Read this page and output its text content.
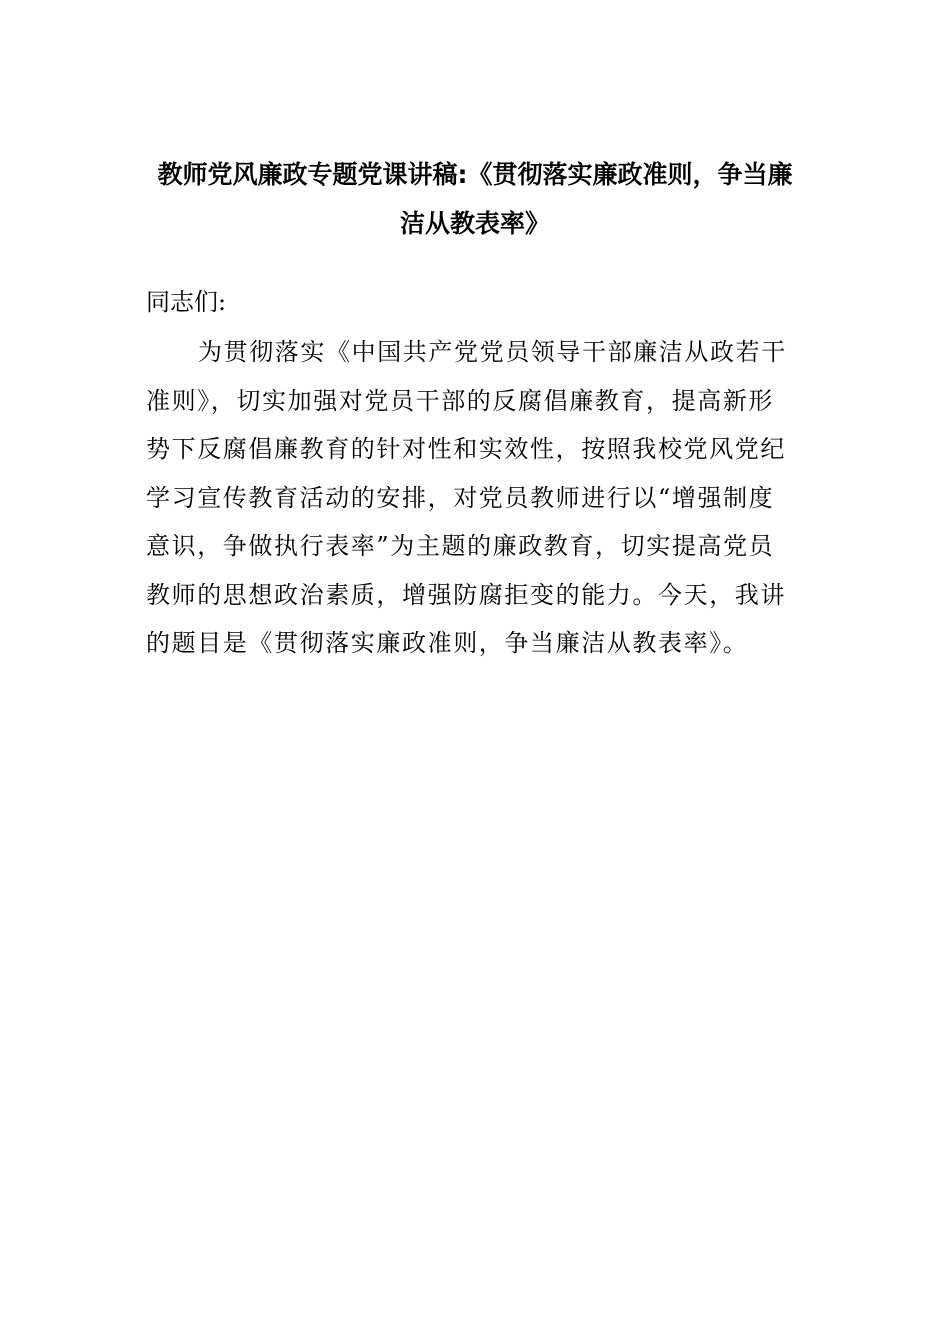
教师党风廉政专题党课讲稿:《贯彻落实廉政准则，争当廉
洁从教表率》

同志们:

为贯彻落实《中国共产党党员领导干部廉洁从政若干
准则》，切实加强对党员干部的反腐倡廉教育，提高新形
势下反腐倡廉教育的针对性和实效性，按照我校党风党纪
学习宣传教育活动的安排，对党员教师进行以“增强制度
意识，争做执行表率”为主题的廉政教育，切实提高党员
教师的思想政治素质，增强防腐拒变的能力。今天，我讲
的题目是《贯彻落实廉政准则，争当廉洁从教表率》。
